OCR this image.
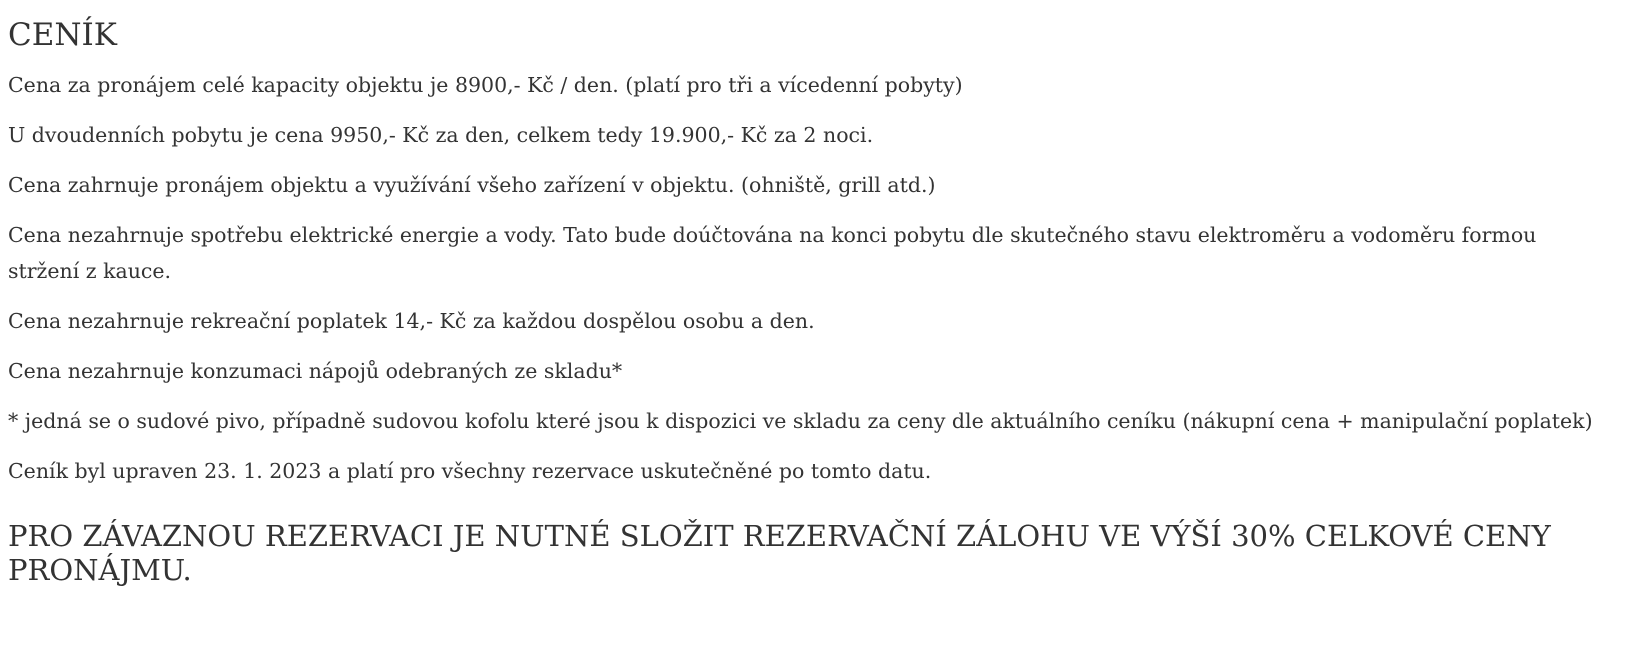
CENÍK

Cena za pronájem celé kapacity objektu je 8900,- Kč / den. (platí pro tři a vícedenní pobyty)

U dvoudenních pobytu je cena 9950,- Kč za den, celkem tedy 19.900,- Kč za 2 noci.

Cena zahrnuje pronájem objektu a využívání všeho zařízení v objektu. (ohniště, grill atd.)

Cena nezahrnuje spotřebu elektrické energie a vody. Tato bude doúčtována na konci pobytu dle skutečného stavu elektroměru a vodoměru formou stržení z kauce.

Cena nezahrnuje rekreační poplatek 14,- Kč za každou dospělou osobu a den.

Cena nezahrnuje konzumaci nápojů odebraných ze skladu*

* jedná se o sudové pivo, případně sudovou kofolu které jsou k dispozici ve skladu za ceny dle aktuálního ceníku (nákupní cena + manipulační poplatek)

Ceník byl upraven 23. 1. 2023 a platí pro všechny rezervace uskutečněné po tomto datu.

PRO ZÁVAZNOU REZERVACI JE NUTNÉ SLOŽIT REZERVAČNÍ ZÁLOHU VE VÝŠÍ 30% CELKOVÉ CENY PRONÁJMU.
